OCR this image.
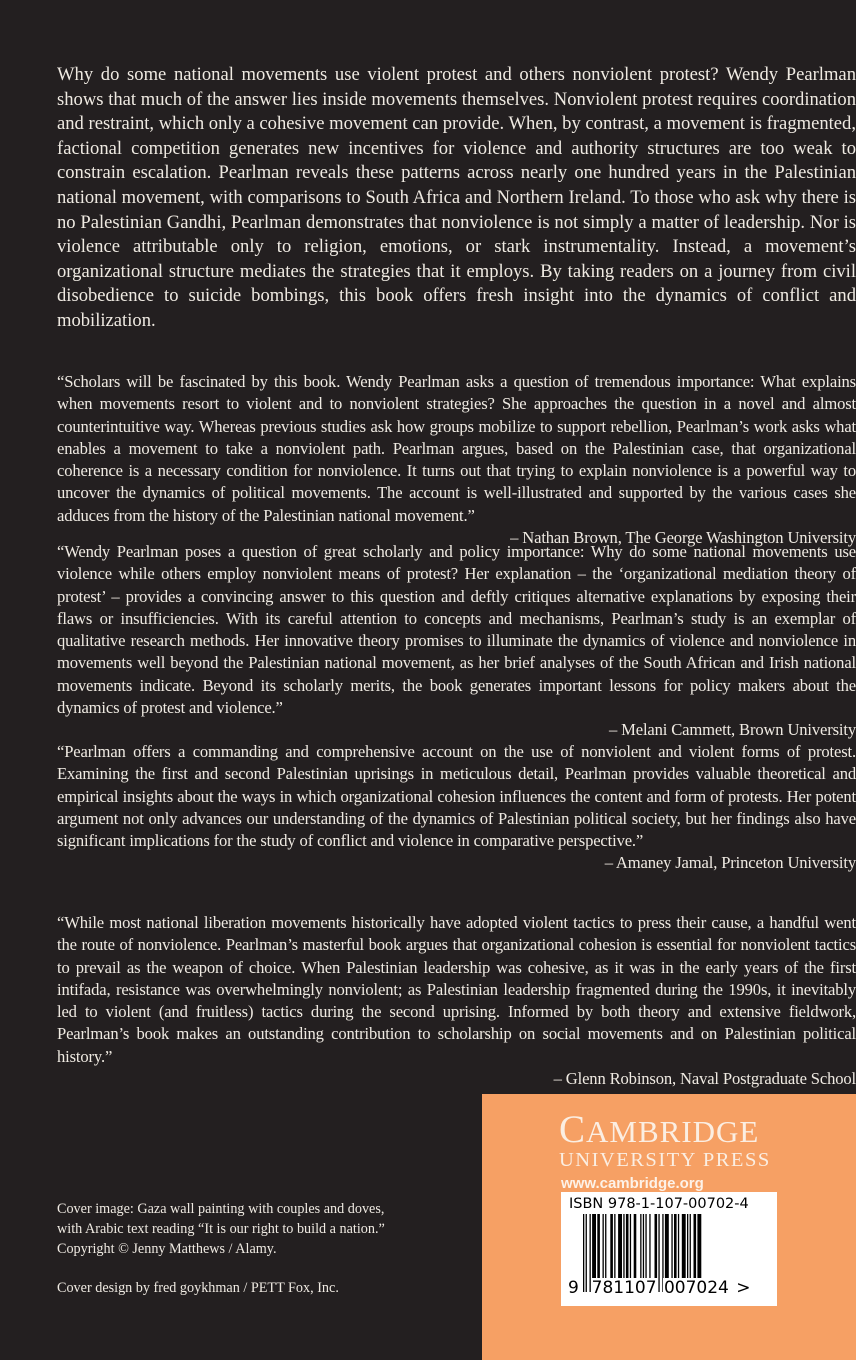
Why do some national movements use violent protest and others nonviolent protest? Wendy Pearlman shows that much of the answer lies inside movements themselves. Nonviolent protest requires coordination and restraint, which only a cohesive movement can provide. When, by contrast, a movement is fragmented, factional competition generates new incentives for violence and authority structures are too weak to constrain escalation. Pearlman reveals these patterns across nearly one hundred years in the Palestinian national movement, with comparisons to South Africa and Northern Ireland. To those who ask why there is no Palestinian Gandhi, Pearlman demonstrates that nonviolence is not simply a matter of leadership. Nor is violence attributable only to religion, emotions, or stark instrumentality. Instead, a movement’s organizational structure mediates the strategies that it employs. By taking readers on a journey from civil disobedience to suicide bombings, this book offers fresh insight into the dynamics of conflict and mobilization.

“Scholars will be fascinated by this book. Wendy Pearlman asks a question of tremendous importance: What explains when movements resort to violent and to nonviolent strategies? She approaches the question in a novel and almost counterintuitive way. Whereas previous studies ask how groups mobilize to support rebellion, Pearlman’s work asks what enables a movement to take a nonviolent path. Pearlman argues, based on the Palestinian case, that organizational coherence is a necessary condition for nonviolence. It turns out that trying to explain nonviolence is a powerful way to uncover the dynamics of political movements. The account is well-illustrated and supported by the various cases she adduces from the history of the Palestinian national movement.”
– Nathan Brown, The George Washington University
“Wendy Pearlman poses a question of great scholarly and policy importance: Why do some national movements use violence while others employ nonviolent means of protest? Her explanation – the ‘organizational mediation theory of protest’ – provides a convincing answer to this question and deftly critiques alternative explanations by exposing their flaws or insufficiencies. With its careful attention to concepts and mechanisms, Pearlman’s study is an exemplar of qualitative research methods. Her innovative theory promises to illuminate the dynamics of violence and nonviolence in movements well beyond the Palestinian national movement, as her brief analyses of the South African and Irish national movements indicate. Beyond its scholarly merits, the book generates important lessons for policy makers about the dynamics of protest and violence.”
– Melani Cammett, Brown University
“Pearlman offers a commanding and comprehensive account on the use of nonviolent and violent forms of protest. Examining the first and second Palestinian uprisings in meticulous detail, Pearlman provides valuable theoretical and empirical insights about the ways in which organizational cohesion influences the content and form of protests. Her potent argument not only advances our understanding of the dynamics of Palestinian political society, but her findings also have significant implications for the study of conflict and violence in comparative perspective.”
– Amaney Jamal, Princeton University
“While most national liberation movements historically have adopted violent tactics to press their cause, a handful went the route of nonviolence. Pearlman’s masterful book argues that organizational cohesion is essential for nonviolent tactics to prevail as the weapon of choice. When Palestinian leadership was cohesive, as it was in the early years of the first intifada, resistance was overwhelmingly nonviolent; as Palestinian leadership fragmented during the 1990s, it inevitably led to violent (and fruitless) tactics during the second uprising. Informed by both theory and extensive fieldwork, Pearlman’s book makes an outstanding contribution to scholarship on social movements and on Palestinian political history.”
– Glenn Robinson, Naval Postgraduate School

Cover image: Gaza wall painting with couples and doves, with Arabic text reading “It is our right to build a nation.” Copyright © Jenny Matthews / Alamy.

Cover design by fred goykhman / PETT Fox, Inc.

CAMBRIDGE
UNIVERSITY PRESS
www.cambridge.org
ISBN 978-1-107-00702-4
9 781107 007024 >
